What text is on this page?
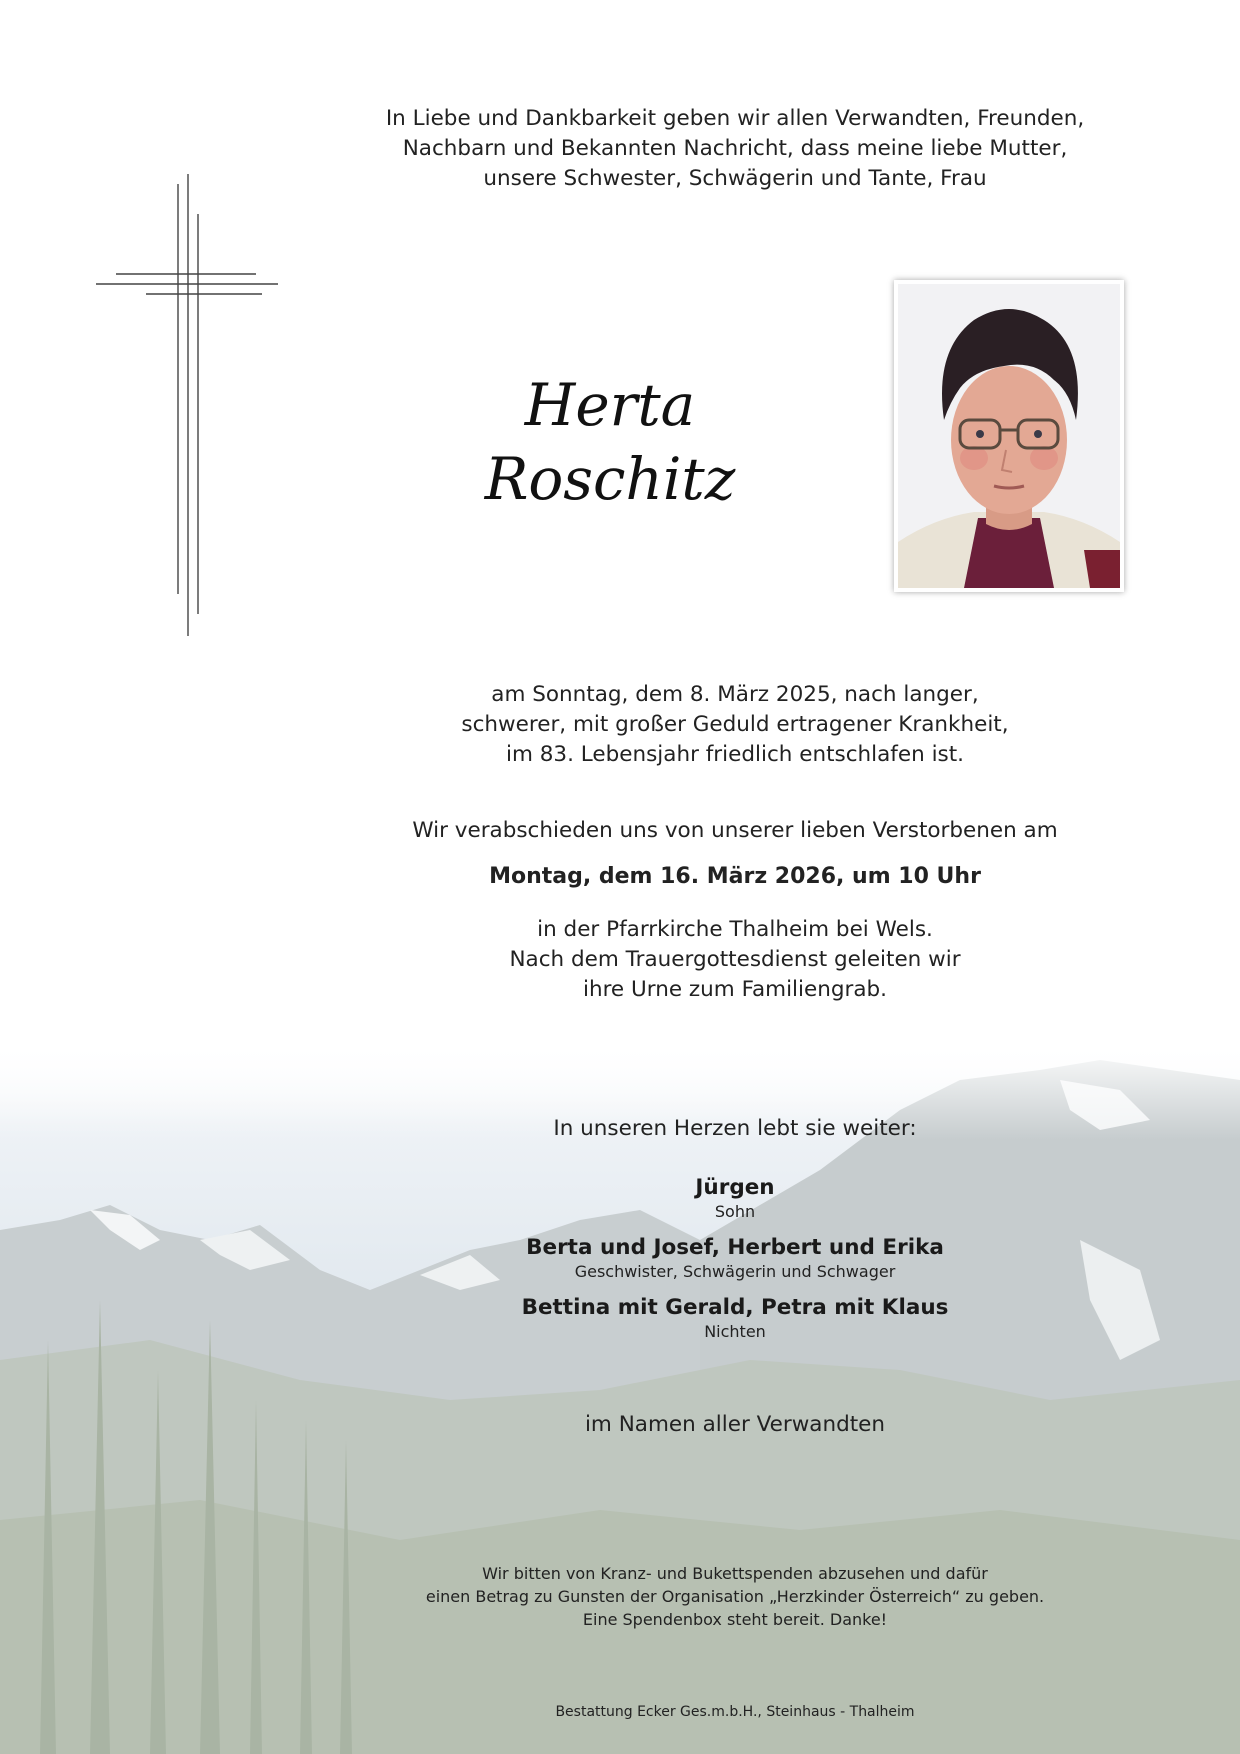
In Liebe und Dankbarkeit geben wir allen Verwandten, Freunden,
Nachbarn und Bekannten Nachricht, dass meine liebe Mutter,
unsere Schwester, Schwägerin und Tante, Frau
Herta
Roschitz
am Sonntag, dem 8. März 2025, nach langer,
schwerer, mit großer Geduld ertragener Krankheit,
im 83. Lebensjahr friedlich entschlafen ist.
Wir verabschieden uns von unserer lieben Verstorbenen am
Montag, dem 16. März 2026, um 10 Uhr
in der Pfarrkirche Thalheim bei Wels.
Nach dem Trauergottesdienst geleiten wir
ihre Urne zum Familiengrab.
In unseren Herzen lebt sie weiter:
Jürgen
Sohn
Berta und Josef, Herbert und Erika
Geschwister, Schwägerin und Schwager
Bettina mit Gerald, Petra mit Klaus
Nichten
im Namen aller Verwandten
Wir bitten von Kranz- und Bukettspenden abzusehen und dafür
einen Betrag zu Gunsten der Organisation „Herzkinder Österreich“ zu geben.
Eine Spendenbox steht bereit. Danke!
Bestattung Ecker Ges.m.b.H., Steinhaus - Thalheim
